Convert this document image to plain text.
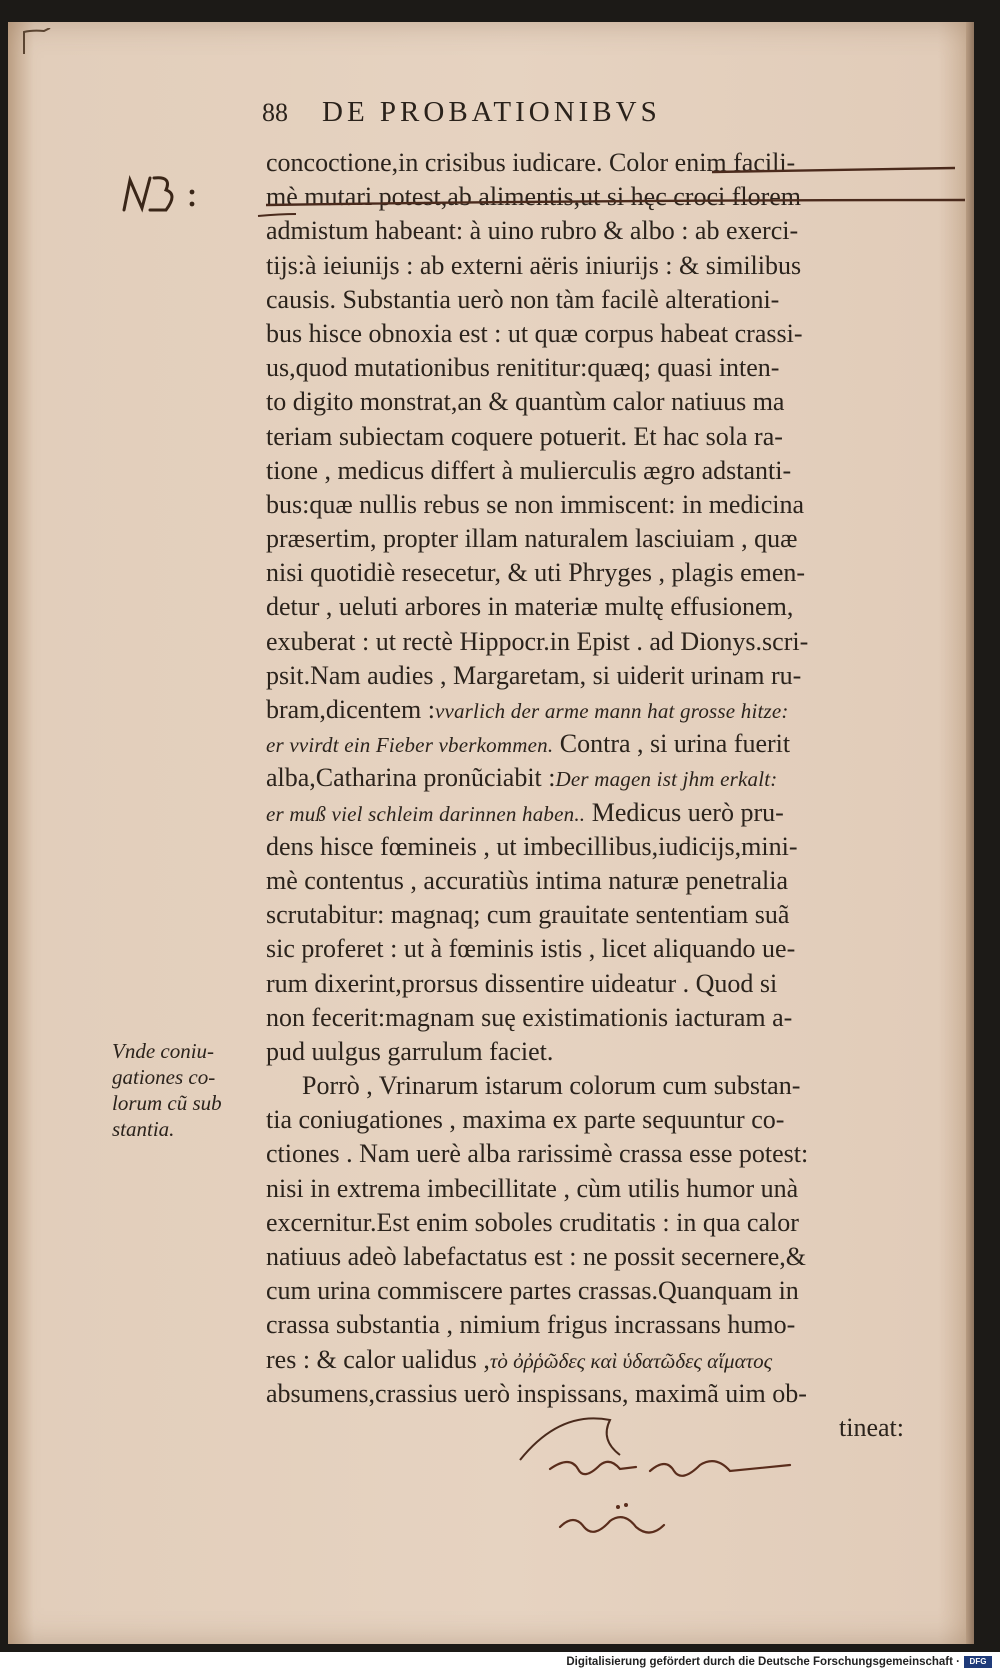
88 DE PROBATIONIBVS
concoctione,in crisibus iudicare. Color enim facili-
mè mutari potest,ab alimentis,ut si hęc croci florem
admistum habeant: à uino rubro & albo : ab exerci-
tijs:à ieiunijs : ab externi aëris iniurijs : & similibus
causis. Substantia uerò non tàm facilè alterationi-
bus hisce obnoxia est : ut quæ corpus habeat crassi-
us,quod mutationibus renititur:quæq; quasi inten-
to digito monstrat,an & quantùm calor natiuus ma
teriam subiectam coquere potuerit. Et hac sola ra-
tione , medicus differt à mulierculis ægro adstanti-
bus:quæ nullis rebus se non immiscent: in medicina
præsertim, propter illam naturalem lasciuiam , quæ
nisi quotidiè resecetur, & uti Phryges , plagis emen-
detur , ueluti arbores in materiæ multę effusionem,
exuberat : ut rectè Hippocr.in Epist . ad Dionys.scri-
psit.Nam audies , Margaretam, si uiderit urinam ru-
bram,dicentem :vvarlich der arme mann hat grosse hitze:
er vvirdt ein Fieber vberkommen. Contra , si urina fuerit
alba,Catharina pronũciabit :Der magen ist jhm erkalt:
er muß viel schleim darinnen haben.. Medicus uerò pru-
dens hisce fœmineis , ut imbecillibus,iudicijs,mini-
mè contentus , accuratiùs intima naturæ penetralia
scrutabitur: magnaq; cum grauitate sententiam suã
sic proferet : ut à fœminis istis , licet aliquando ue-
rum dixerint,prorsus dissentire uideatur . Quod si
non fecerit:magnam suę existimationis iacturam a-
pud uulgus garrulum faciet.
Porrò , Vrinarum istarum colorum cum substan-
tia coniugationes , maxima ex parte sequuntur co-
ctiones . Nam uerè alba rarissimè crassa esse potest:
nisi in extrema imbecillitate , cùm utilis humor unà
excernitur.Est enim soboles cruditatis : in qua calor
natiuus adeò labefactatus est : ne possit secernere,&
cum urina commiscere partes crassas.Quanquam in
crassa substantia , nimium frigus incrassans humo-
res : & calor ualidus ,τὸ ὀῤῥῶδες καὶ ὑδατῶδες αἵματος
absumens,crassius uerò inspissans, maximã uim ob-
tineat:
Vnde coniu-
gationes co-
lorum cũ sub
stantia.
Digitalisierung gefördert durch die Deutsche Forschungsgemeinschaft ·	DFG
